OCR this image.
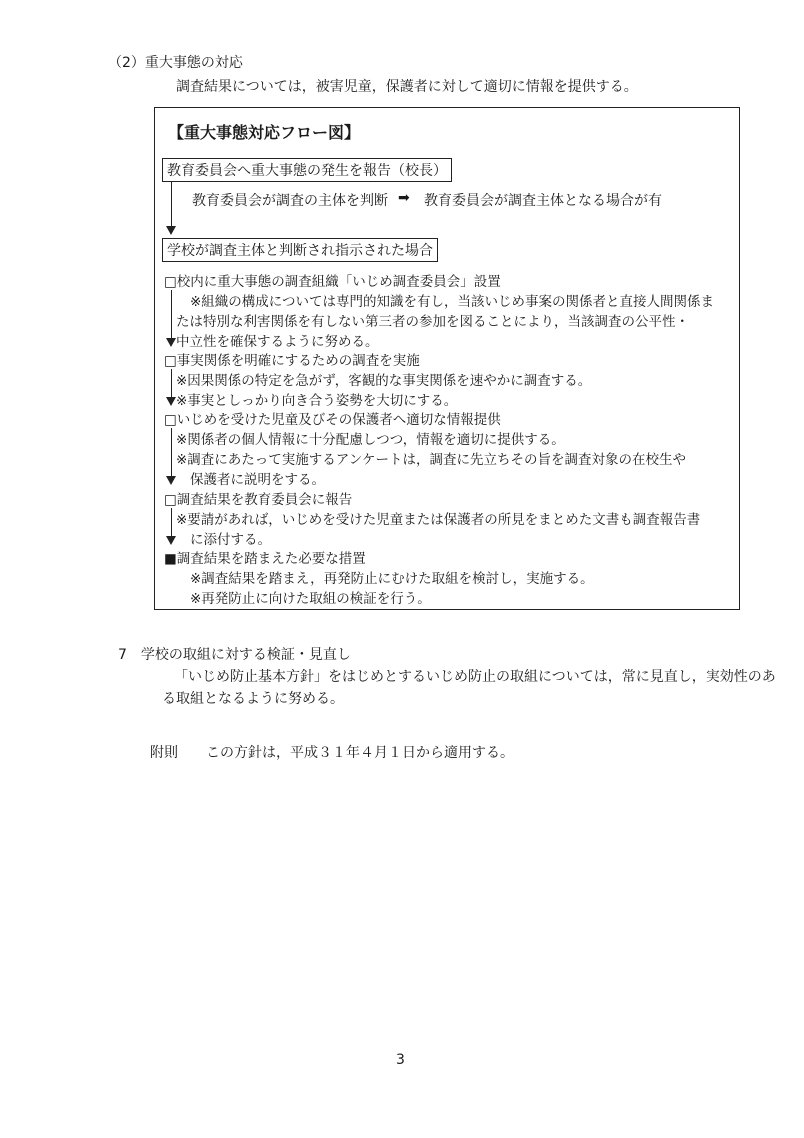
（2）重大事態の対応
調査結果については，被害児童，保護者に対して適切に情報を提供する。
【重大事態対応フロー図】
教育委員会へ重大事態の発生を報告（校長）
教育委員会が調査の主体を判断 ➡ 教育委員会が調査主体となる場合が有
学校が調査主体と判断され指示された場合
□校内に重大事態の調査組織「いじめ調査委員会」設置
※組織の構成については専門的知識を有し，当該いじめ事案の関係者と直接人間関係ま
たは特別な利害関係を有しない第三者の参加を図ることにより，当該調査の公平性・
中立性を確保するように努める。
□事実関係を明確にするための調査を実施
※因果関係の特定を急がず，客観的な事実関係を速やかに調査する。
※事実としっかり向き合う姿勢を大切にする。
□いじめを受けた児童及びその保護者へ適切な情報提供
※関係者の個人情報に十分配慮しつつ，情報を適切に提供する。
※調査にあたって実施するアンケートは，調査に先立ちその旨を調査対象の在校生や
保護者に説明をする。
□調査結果を教育委員会に報告
※要請があれば，いじめを受けた児童または保護者の所見をまとめた文書も調査報告書
に添付する。
■調査結果を踏まえた必要な措置
※調査結果を踏まえ，再発防止にむけた取組を検討し，実施する。
※再発防止に向けた取組の検証を行う。
7　学校の取組に対する検証・見直し
「いじめ防止基本方針」をはじめとするいじめ防止の取組については，常に見直し，実効性のあ
る取組となるように努める。
附則 この方針は，平成３１年４月１日から適用する。
3
